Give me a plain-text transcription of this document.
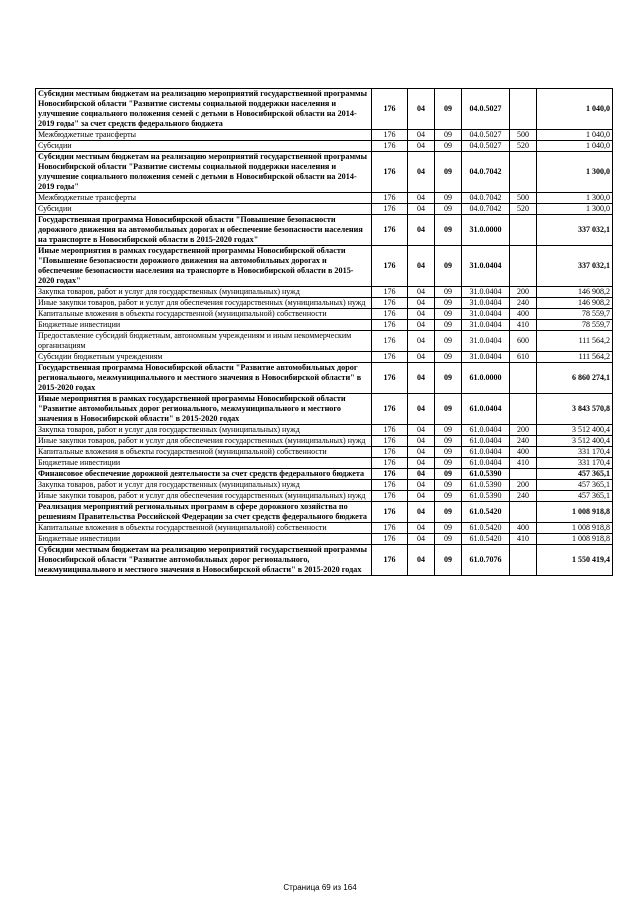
Субсидии местным бюджетам на реализацию мероприятий государственной программы Новосибирской области "Развитие системы социальной поддержки населения и улучшение социального положения семей с детьми в Новосибирской области на 2014-2019 годы" за счет средств федерального бюджета	176	04	09	04.0.5027		1 040,0
Межбюджетные трансферты	176	04	09	04.0.5027	500	1 040,0
Субсидии	176	04	09	04.0.5027	520	1 040,0
Субсидии местным бюджетам на реализацию мероприятий государственной программы Новосибирской области "Развитие системы социальной поддержки населения и улучшение социального положения семей с детьми в Новосибирской области на 2014-2019 годы"	176	04	09	04.0.7042		1 300,0
Межбюджетные трансферты	176	04	09	04.0.7042	500	1 300,0
Субсидии	176	04	09	04.0.7042	520	1 300,0
Государственная программа Новосибирской области "Повышение безопасности дорожного движения на автомобильных дорогах и обеспечение безопасности населения на транспорте в Новосибирской области в 2015-2020 годах"	176	04	09	31.0.0000		337 032,1
Иные мероприятия в рамках государственной программы Новосибирской области "Повышение безопасности дорожного движения на автомобильных дорогах и обеспечение безопасности населения на транспорте в Новосибирской области в 2015-2020 годах"	176	04	09	31.0.0404		337 032,1
Закупка товаров, работ и услуг для государственных (муниципальных) нужд	176	04	09	31.0.0404	200	146 908,2
Иные закупки товаров, работ и услуг для обеспечения государственных (муниципальных) нужд	176	04	09	31.0.0404	240	146 908,2
Капитальные вложения в объекты государственной (муниципальной) собственности	176	04	09	31.0.0404	400	78 559,7
Бюджетные инвестиции	176	04	09	31.0.0404	410	78 559,7
Предоставление субсидий бюджетным, автономным учреждениям и иным некоммерческим организациям	176	04	09	31.0.0404	600	111 564,2
Субсидии бюджетным учреждениям	176	04	09	31.0.0404	610	111 564,2
Государственная программа Новосибирской области "Развитие автомобильных дорог регионального, межмуниципального и местного значения в Новосибирской области" в 2015-2020 годах	176	04	09	61.0.0000		6 860 274,1
Иные мероприятия в рамках государственной программы Новосибирской области "Развитие автомобильных дорог регионального, межмуниципального и местного значения в Новосибирской области" в 2015-2020 годах	176	04	09	61.0.0404		3 843 570,8
Закупка товаров, работ и услуг для государственных (муниципальных) нужд	176	04	09	61.0.0404	200	3 512 400,4
Иные закупки товаров, работ и услуг для обеспечения государственных (муниципальных) нужд	176	04	09	61.0.0404	240	3 512 400,4
Капитальные вложения в объекты государственной (муниципальной) собственности	176	04	09	61.0.0404	400	331 170,4
Бюджетные инвестиции	176	04	09	61.0.0404	410	331 170,4
Финансовое обеспечение дорожной деятельности за счет средств федерального бюджета	176	04	09	61.0.5390		457 365,1
Закупка товаров, работ и услуг для государственных (муниципальных) нужд	176	04	09	61.0.5390	200	457 365,1
Иные закупки товаров, работ и услуг для обеспечения государственных (муниципальных) нужд	176	04	09	61.0.5390	240	457 365,1
Реализация мероприятий региональных программ в сфере дорожного хозяйства по решениям Правительства Российской Федерации за счет средств федерального бюджета	176	04	09	61.0.5420		1 008 918,8
Капитальные вложения в объекты государственной (муниципальной) собственности	176	04	09	61.0.5420	400	1 008 918,8
Бюджетные инвестиции	176	04	09	61.0.5420	410	1 008 918,8
Субсидии местным бюджетам на реализацию мероприятий государственной программы Новосибирской области "Развитие автомобильных дорог регионального, межмуниципального и местного значения в Новосибирской области" в 2015-2020 годах	176	04	09	61.0.7076		1 550 419,4
Страница 69 из 164
